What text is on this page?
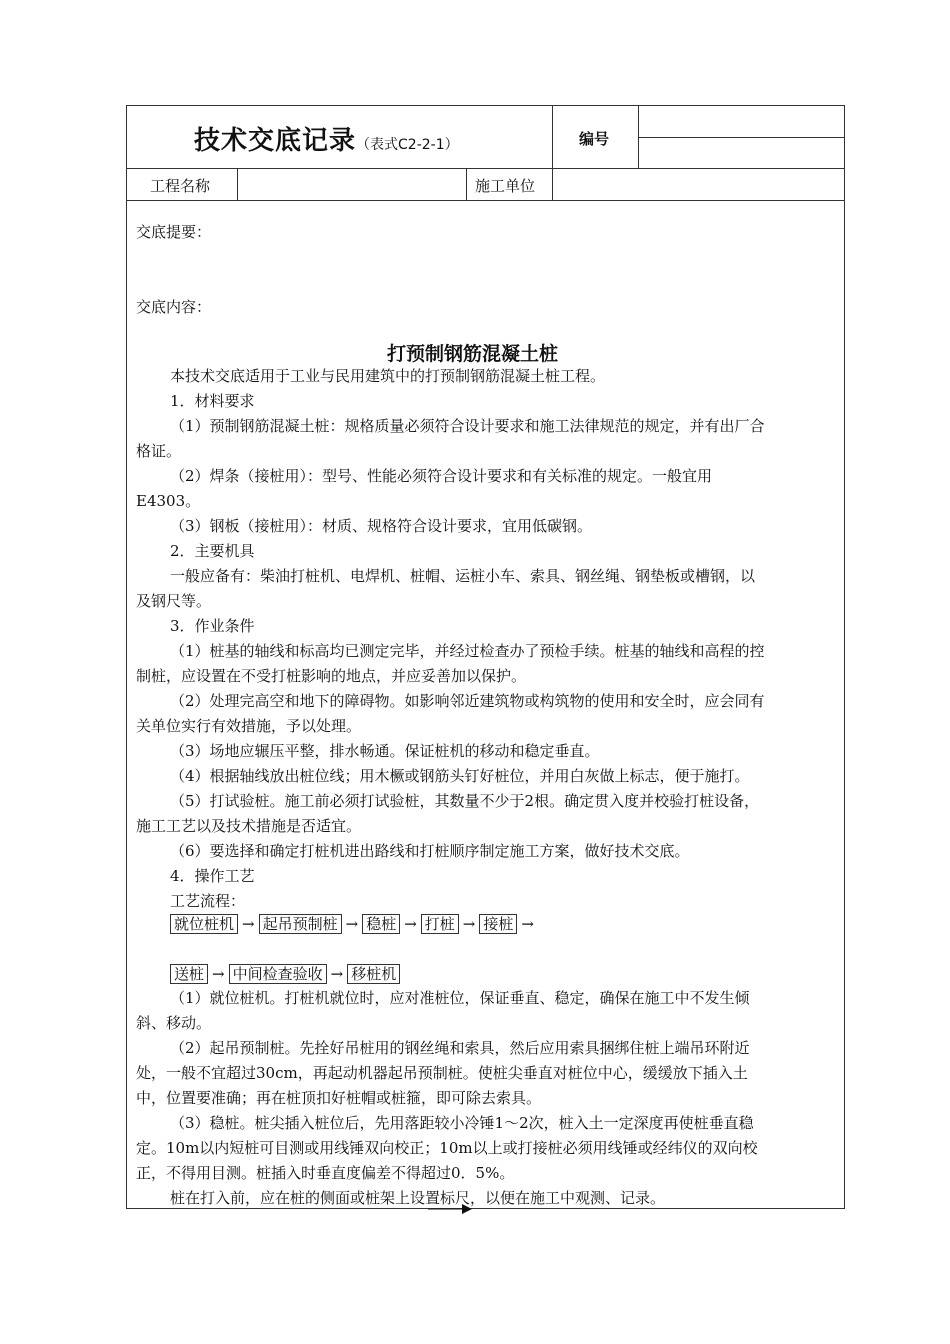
技术交底记录（表式C2-2-1）	编号
工程名称	施工单位
交底提要：
交底内容：
打预制钢筋混凝土桩
本技术交底适用于工业与民用建筑中的打预制钢筋混凝土桩工程。
1．材料要求
（1）预制钢筋混凝土桩：规格质量必须符合设计要求和施工法律规范的规定，并有出厂合
格证。
（2）焊条（接桩用）：型号、性能必须符合设计要求和有关标准的规定。一般宜用
E4303。
（3）钢板（接桩用）：材质、规格符合设计要求，宜用低碳钢。
2．主要机具
一般应备有：柴油打桩机、电焊机、桩帽、运桩小车、索具、钢丝绳、钢垫板或槽钢，以
及钢尺等。
3．作业条件
（1）桩基的轴线和标高均已测定完毕，并经过检查办了预检手续。桩基的轴线和高程的控
制桩，应设置在不受打桩影响的地点，并应妥善加以保护。
（2）处理完高空和地下的障碍物。如影响邻近建筑物或构筑物的使用和安全时，应会同有
关单位实行有效措施，予以处理。
（3）场地应辗压平整，排水畅通。保证桩机的移动和稳定垂直。
（4）根据轴线放出桩位线；用木橛或钢筋头钉好桩位，并用白灰做上标志，便于施打。
（5）打试验桩。施工前必须打试验桩，其数量不少于2根。确定贯入度并校验打桩设备，
施工工艺以及技术措施是否适宜。
（6）要选择和确定打桩机进出路线和打桩顺序制定施工方案，做好技术交底。
4．操作工艺
工艺流程：
就位桩机 → 起吊预制桩 → 稳桩 → 打桩 → 接桩 →
送桩 → 中间检查验收 → 移桩机
（1）就位桩机。打桩机就位时，应对准桩位，保证垂直、稳定，确保在施工中不发生倾
斜、移动。
（2）起吊预制桩。先拴好吊桩用的钢丝绳和索具，然后应用索具捆绑住桩上端吊环附近
处，一般不宜超过30cm，再起动机器起吊预制桩。使桩尖垂直对桩位中心，缓缓放下插入土
中，位置要准确；再在桩顶扣好桩帽或桩箍，即可除去索具。
（3）稳桩。桩尖插入桩位后，先用落距较小冷锤1～2次，桩入土一定深度再使桩垂直稳
定。10m以内短桩可目测或用线锤双向校正；10m以上或打接桩必须用线锤或经纬仪的双向校
正，不得用目测。桩插入时垂直度偏差不得超过0．5%。
桩在打入前，应在桩的侧面或桩架上设置标尺，以便在施工中观测、记录。
